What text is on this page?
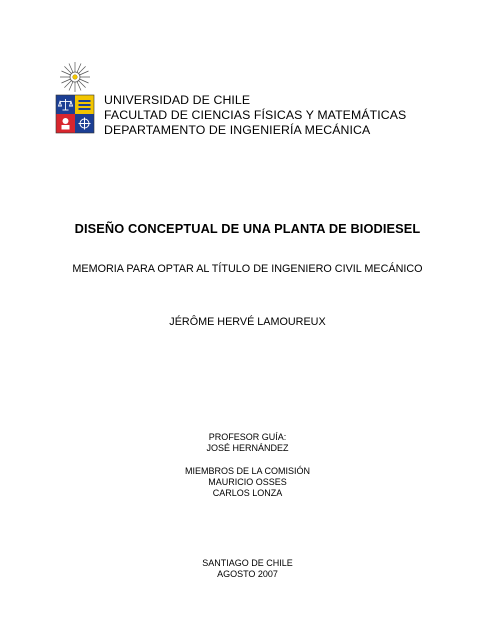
UNIVERSIDAD DE CHILE
FACULTAD DE CIENCIAS FÍSICAS Y MATEMÁTICAS
DEPARTAMENTO DE INGENIERÍA MECÁNICA
DISEÑO CONCEPTUAL DE UNA PLANTA DE BIODIESEL
MEMORIA PARA OPTAR AL TÍTULO DE INGENIERO CIVIL MECÁNICO
JÉRÔME HERVÉ LAMOUREUX
PROFESOR GUÍA:
JOSÉ HERNÁNDEZ
MIEMBROS DE LA COMISIÓN
MAURICIO OSSES
CARLOS LONZA
SANTIAGO DE CHILE
AGOSTO 2007
